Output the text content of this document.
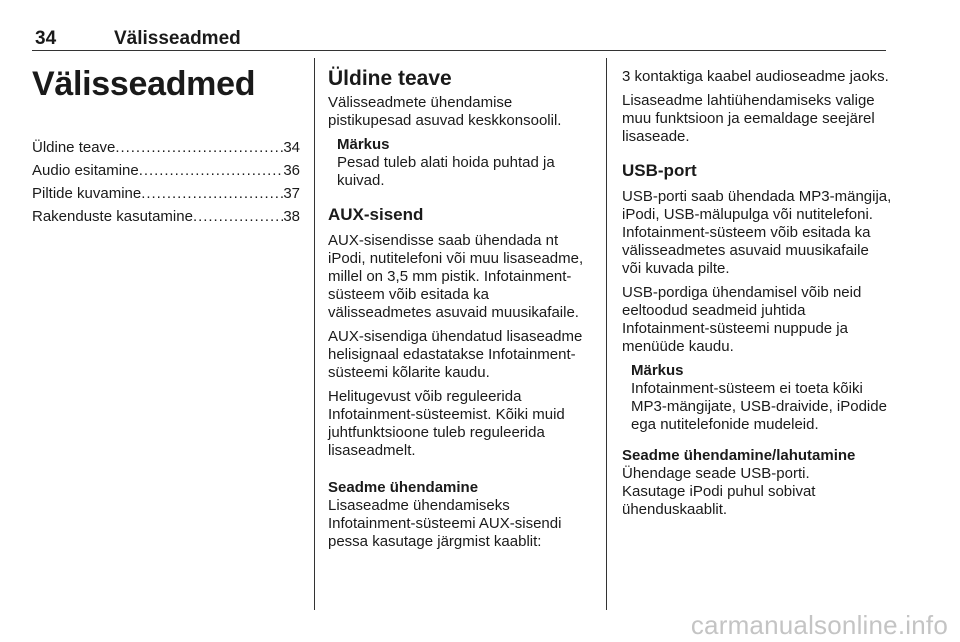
34	Välisseadmed
Välisseadmed
Üldine teave . . .	34
Audio esitamine . . .	36
Piltide kuvamine . . .	37
Rakenduste kasutamine . . .	38
Üldine teave

Välisseadmete ühendamise pistikupesad asuvad keskkonsoolil.

Märkus

Pesad tuleb alati hoida puhtad ja kuivad.

AUX-sisend

AUX-sisendisse saab ühendada nt iPodi, nutitelefoni või muu lisaseadme, millel on 3,5 mm pistik. Infotainment-süsteem võib esitada ka välisseadmetes asuvaid muusikafaile.

AUX-sisendiga ühendatud lisaseadme helisignaal edastatakse Infotainment-süsteemi kõlarite kaudu.

Helitugevust võib reguleerida Infotainment-süsteemist. Kõiki muid juhtfunktsioone tuleb reguleerida lisaseadmelt.

Seadme ühendamine

Lisaseadme ühendamiseks Infotainment-süsteemi AUX-sisendi pessa kasutage järgmist kaablit:

3 kontaktiga kaabel audioseadme jaoks.

Lisaseadme lahtiühendamiseks valige muu funktsioon ja eemaldage seejärel lisaseade.

USB-port

USB-porti saab ühendada MP3-mängija, iPodi, USB-mälupulga või nutitelefoni. Infotainment-süsteem võib esitada ka välisseadmetes asuvaid muusikafaile või kuvada pilte.

USB-pordiga ühendamisel võib neid eeltoodud seadmeid juhtida Infotainment-süsteemi nuppude ja menüüde kaudu.

Märkus

Infotainment-süsteem ei toeta kõiki MP3-mängijate, USB-draivide, iPodide ega nutitelefonide mudeleid.

Seadme ühendamine/lahutamine

Ühendage seade USB-porti.

Kasutage iPodi puhul sobivat ühenduskaablit.

carmanualsonline.info
